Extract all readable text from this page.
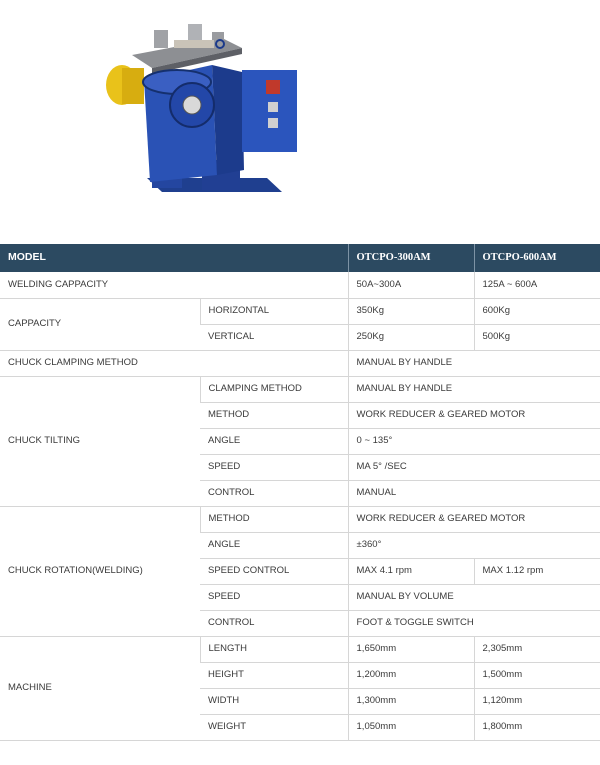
MODEL		OTCPO-300AM	OTCPO-600AM
WELDING CAPPACITY		50A~300A	125A ~ 600A
CAPPACITY	HORIZONTAL	350Kg	600Kg
	VERTICAL	250Kg	500Kg
CHUCK CLAMPING METHOD		MANUAL BY HANDLE	
CHUCK TILTING	CLAMPING METHOD	MANUAL BY HANDLE	
	METHOD	WORK REDUCER & GEARED MOTOR	
	ANGLE	0 ~ 135°	
	SPEED	MA 5° /SEC	
	CONTROL	MANUAL	
CHUCK ROTATION(WELDING)	METHOD	WORK REDUCER & GEARED MOTOR	
	ANGLE	±360°	
	SPEED CONTROL	MAX 4.1 rpm	MAX 1.12 rpm
	SPEED	MANUAL BY VOLUME	
	CONTROL	FOOT & TOGGLE SWITCH	
MACHINE	LENGTH	1,650mm	2,305mm
	HEIGHT	1,200mm	1,500mm
	WIDTH	1,300mm	1,120mm
	WEIGHT	1,050mm	1,800mm
